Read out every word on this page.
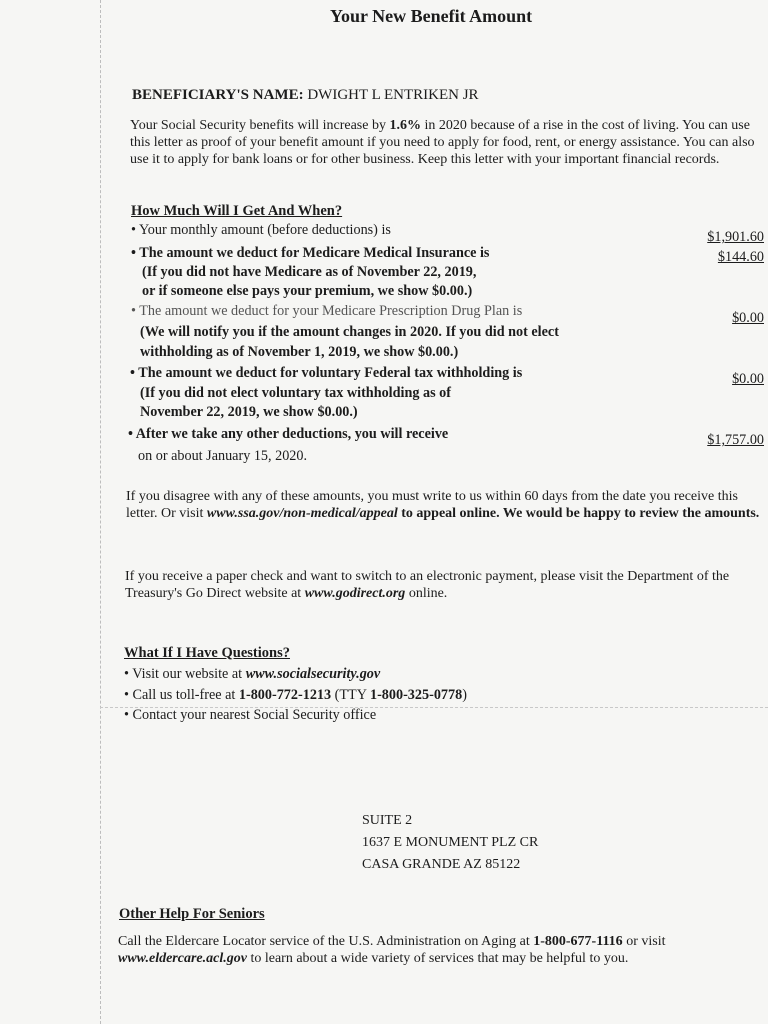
Your New Benefit Amount
BENEFICIARY'S NAME: DWIGHT L ENTRIKEN JR
Your Social Security benefits will increase by 1.6% in 2020 because of a rise in the cost of living. You can use this letter as proof of your benefit amount if you need to apply for food, rent, or energy assistance. You can also use it to apply for bank loans or for other business. Keep this letter with your important financial records.
How Much Will I Get And When?
• Your monthly amount (before deductions) is	$1,901.60
• The amount we deduct for Medicare Medical Insurance is	$144.60
(If you did not have Medicare as of November 22, 2019,
or if someone else pays your premium, we show $0.00.)
• The amount we deduct for your Medicare Prescription Drug Plan is	$0.00
(We will notify you if the amount changes in 2020. If you did not elect
withholding as of November 1, 2019, we show $0.00.)
• The amount we deduct for voluntary Federal tax withholding is	$0.00
(If you did not elect voluntary tax withholding as of
November 22, 2019, we show $0.00.)
• After we take any other deductions, you will receive	$1,757.00
on or about January 15, 2020.
If you disagree with any of these amounts, you must write to us within 60 days from the date you receive this letter. Or visit www.ssa.gov/non-medical/appeal to appeal online. We would be happy to review the amounts.
If you receive a paper check and want to switch to an electronic payment, please visit the Department of the Treasury's Go Direct website at www.godirect.org online.
What If I Have Questions?
• Visit our website at www.socialsecurity.gov
• Call us toll-free at 1-800-772-1213 (TTY 1-800-325-0778)
• Contact your nearest Social Security office
SUITE 2
1637 E MONUMENT PLZ CR
CASA GRANDE AZ 85122
Other Help For Seniors
Call the Eldercare Locator service of the U.S. Administration on Aging at 1-800-677-1116 or visit www.eldercare.acl.gov to learn about a wide variety of services that may be helpful to you.
